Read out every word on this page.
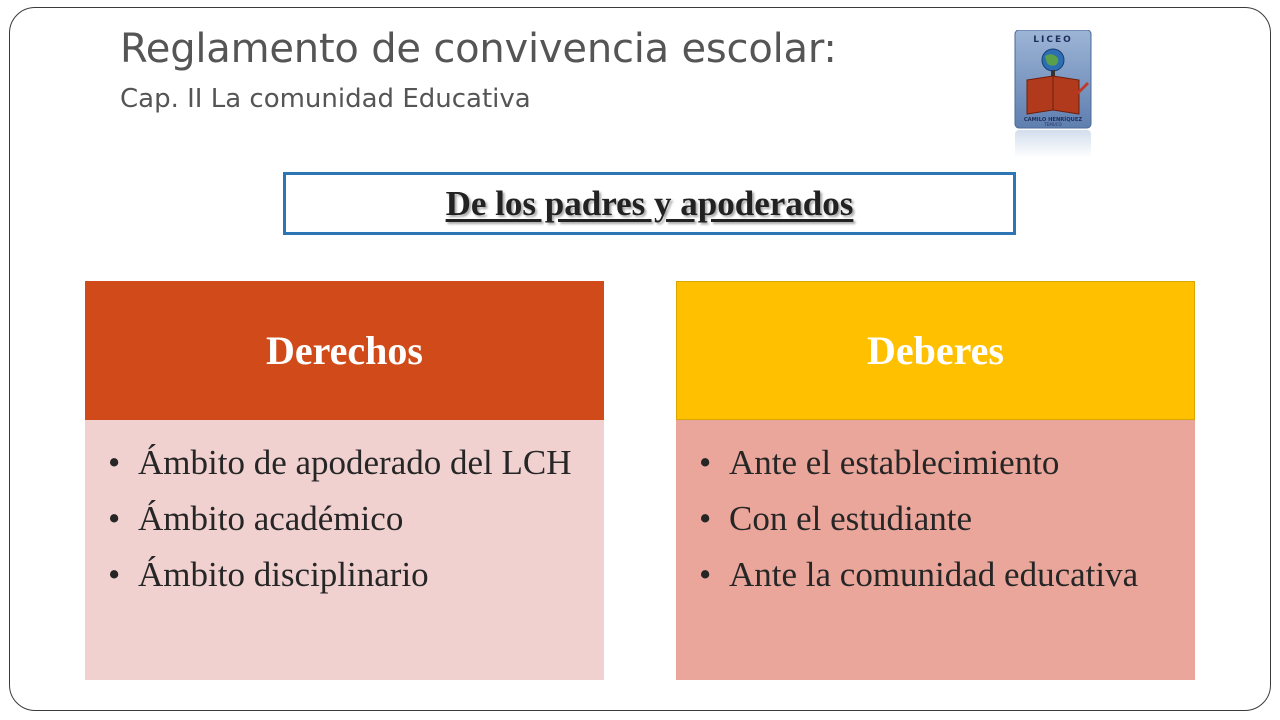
Reglamento de convivencia escolar:
Cap. II La comunidad Educativa
LICEO
CAMILO HENRÍQUEZ
TEMUCO
De los padres y apoderados
Derechos
• Ámbito de apoderado del LCH
• Ámbito académico
• Ámbito disciplinario
Deberes
• Ante el establecimiento
• Con el estudiante
• Ante la comunidad educativa
